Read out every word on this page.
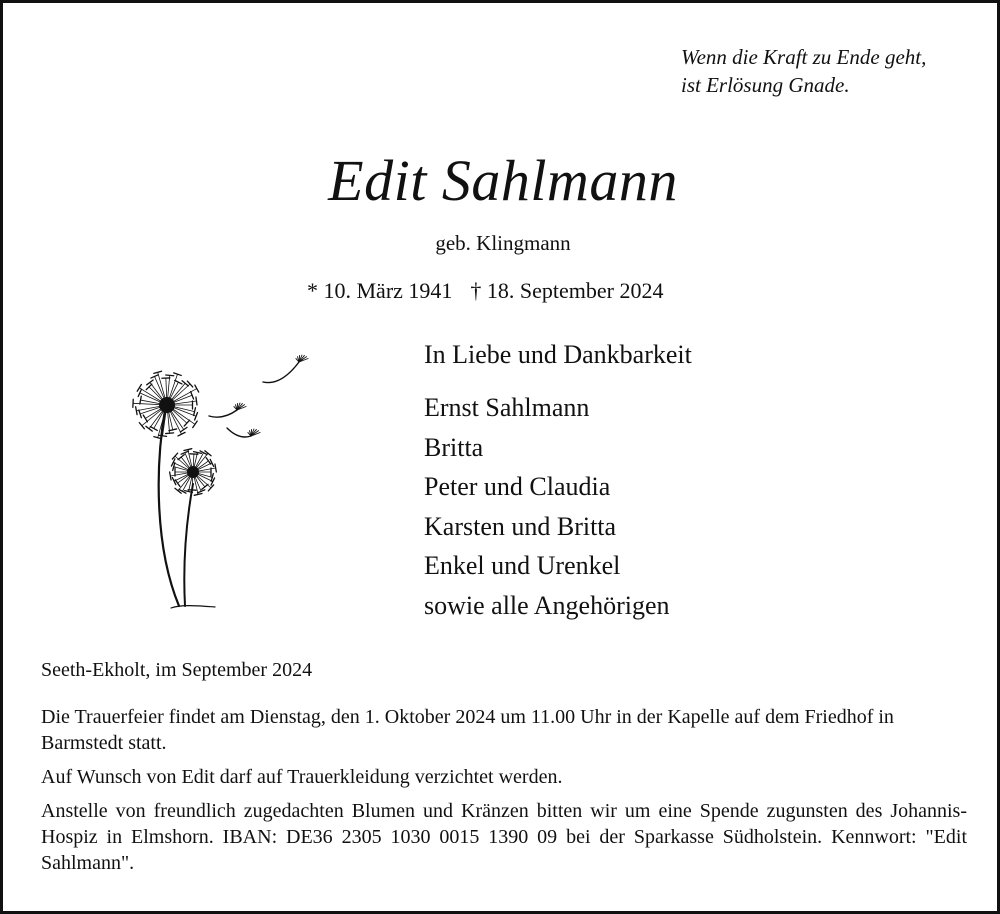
Wenn die Kraft zu Ende geht,
ist Erlösung Gnade.
Edit Sahlmann
geb. Klingmann
* 10. März 1941 † 18. September 2024
In Liebe und Dankbarkeit
Ernst Sahlmann
Britta
Peter und Claudia
Karsten und Britta
Enkel und Urenkel
sowie alle Angehörigen
Seeth-Ekholt, im September 2024
Die Trauerfeier findet am Dienstag, den 1. Oktober 2024 um 11.00 Uhr in der Kapelle auf dem Friedhof in Barmstedt statt.
Auf Wunsch von Edit darf auf Trauerkleidung verzichtet werden.
Anstelle von freundlich zugedachten Blumen und Kränzen bitten wir um eine Spende zugunsten des Johannis-Hospiz in Elmshorn. IBAN: DE36 2305 1030 0015 1390 09 bei der Sparkasse Südholstein. Kennwort: "Edit Sahlmann".
